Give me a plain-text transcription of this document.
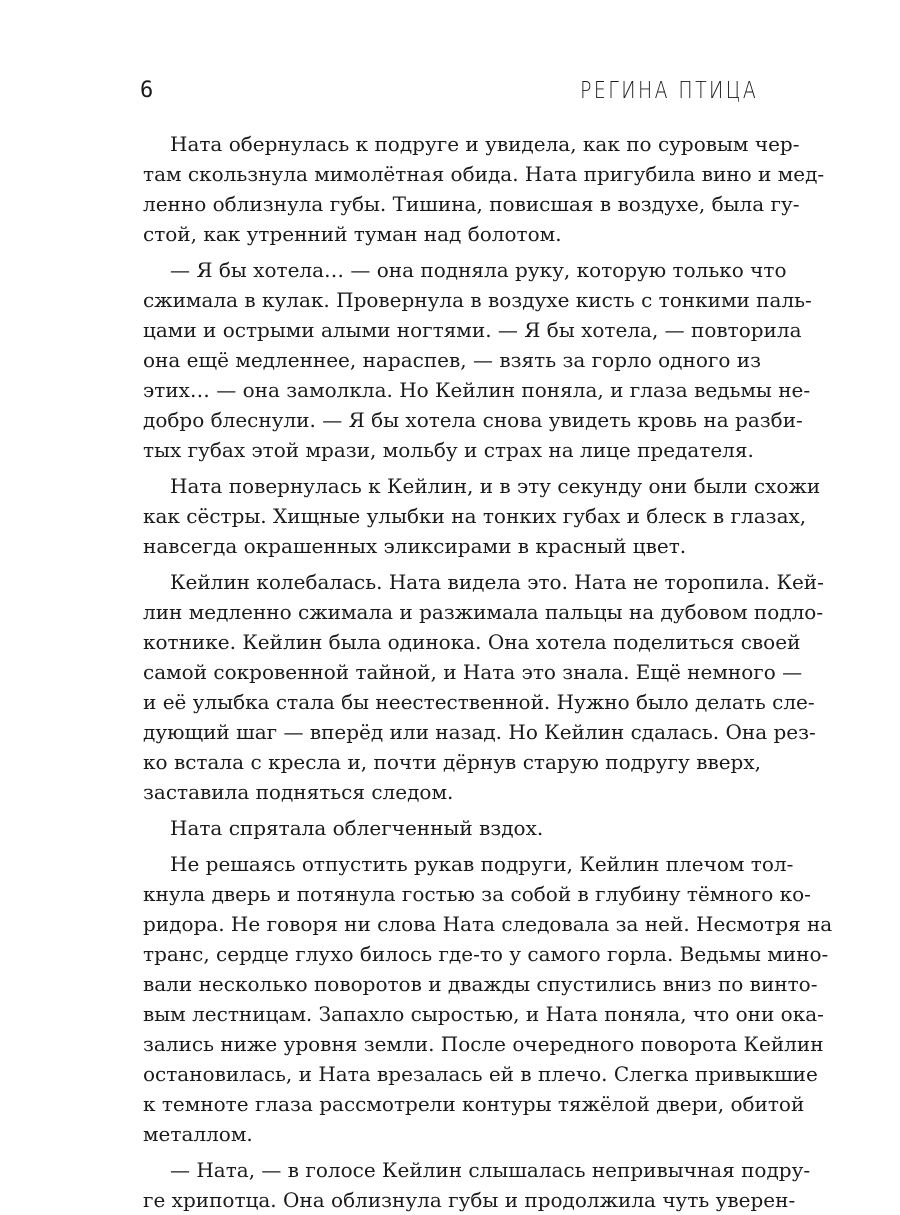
6	РЕГИНА ПТИЦА
Ната обернулась к подруге и увидела, как по суровым чер-
там скользнула мимолётная обида. Ната пригубила вино и мед-
ленно облизнула губы. Тишина, повисшая в воздухе, была гу-
стой, как утренний туман над болотом.
— Я бы хотела… — она подняла руку, которую только что
сжимала в кулак. Провернула в воздухе кисть с тонкими паль-
цами и острыми алыми ногтями. — Я бы хотела, — повторила
она ещё медленнее, нараспев, — взять за горло одного из
этих… — она замолкла. Но Кейлин поняла, и глаза ведьмы не-
добро блеснули. — Я бы хотела снова увидеть кровь на разби-
тых губах этой мрази, мольбу и страх на лице предателя.
Ната повернулась к Кейлин, и в эту секунду они были схожи
как сёстры. Хищные улыбки на тонких губах и блеск в глазах,
навсегда окрашенных эликсирами в красный цвет.
Кейлин колебалась. Ната видела это. Ната не торопила. Кей-
лин медленно сжимала и разжимала пальцы на дубовом подло-
котнике. Кейлин была одинока. Она хотела поделиться своей
самой сокровенной тайной, и Ната это знала. Ещё немного —
и её улыбка стала бы неестественной. Нужно было делать сле-
дующий шаг — вперёд или назад. Но Кейлин сдалась. Она рез-
ко встала с кресла и, почти дёрнув старую подругу вверх,
заставила подняться следом.
Ната спрятала облегченный вздох.
Не решаясь отпустить рукав подруги, Кейлин плечом тол-
кнула дверь и потянула гостью за собой в глубину тёмного ко-
ридора. Не говоря ни слова Ната следовала за ней. Несмотря на
транс, сердце глухо билось где-то у самого горла. Ведьмы мино-
вали несколько поворотов и дважды спустились вниз по винто-
вым лестницам. Запахло сыростью, и Ната поняла, что они ока-
зались ниже уровня земли. После очередного поворота Кейлин
остановилась, и Ната врезалась ей в плечо. Слегка привыкшие
к темноте глаза рассмотрели контуры тяжёлой двери, обитой
металлом.
— Ната, — в голосе Кейлин слышалась непривычная подру-
ге хрипотца. Она облизнула губы и продолжила чуть уверен-
